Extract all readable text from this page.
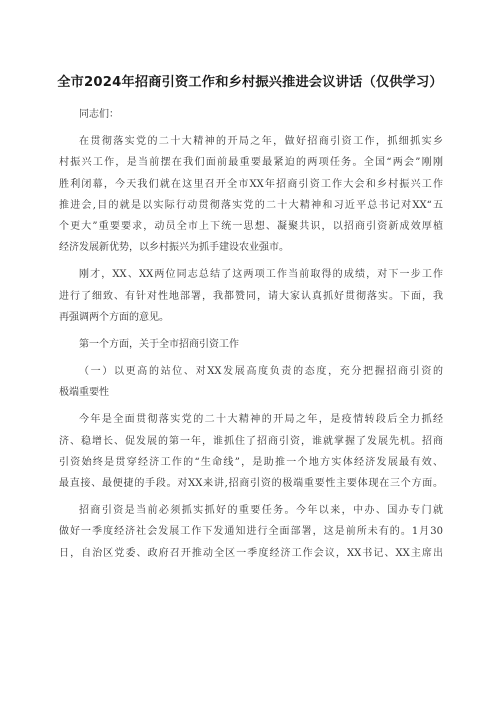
全市2024年招商引资工作和乡村振兴推进会议讲话（仅供学习）
同志们：
在贯彻落实党的二十大精神的开局之年，做好招商引资工作，抓细抓实乡
村振兴工作，是当前摆在我们面前最重要最紧迫的两项任务。全国“两会”刚刚
胜利闭幕，今天我们就在这里召开全市XX年招商引资工作大会和乡村振兴工作
推进会,目的就是以实际行动贯彻落实党的二十大精神和习近平总书记对XX“五
个更大”重要要求，动员全市上下统一思想、凝聚共识，以招商引资新成效厚植
经济发展新优势，以乡村振兴为抓手建设农业强市。
刚才，XX、XX两位同志总结了这两项工作当前取得的成绩，对下一步工作
进行了细致、有针对性地部署，我都赞同，请大家认真抓好贯彻落实。下面，我
再强调两个方面的意见。
第一个方面，关于全市招商引资工作
（一）以更高的站位、对XX发展高度负责的态度，充分把握招商引资的
极端重要性
今年是全面贯彻落实党的二十大精神的开局之年，是疫情转段后全力抓经
济、稳增长、促发展的第一年，谁抓住了招商引资，谁就掌握了发展先机。招商
引资始终是贯穿经济工作的“生命线”，是助推一个地方实体经济发展最有效、
最直接、最便捷的手段。对XX来讲,招商引资的极端重要性主要体现在三个方面。
招商引资是当前必须抓实抓好的重要任务。今年以来，中办、国办专门就
做好一季度经济社会发展工作下发通知进行全面部署，这是前所未有的。1月30
日，自治区党委、政府召开推动全区一季度经济工作会议，XX书记、XX主席出
